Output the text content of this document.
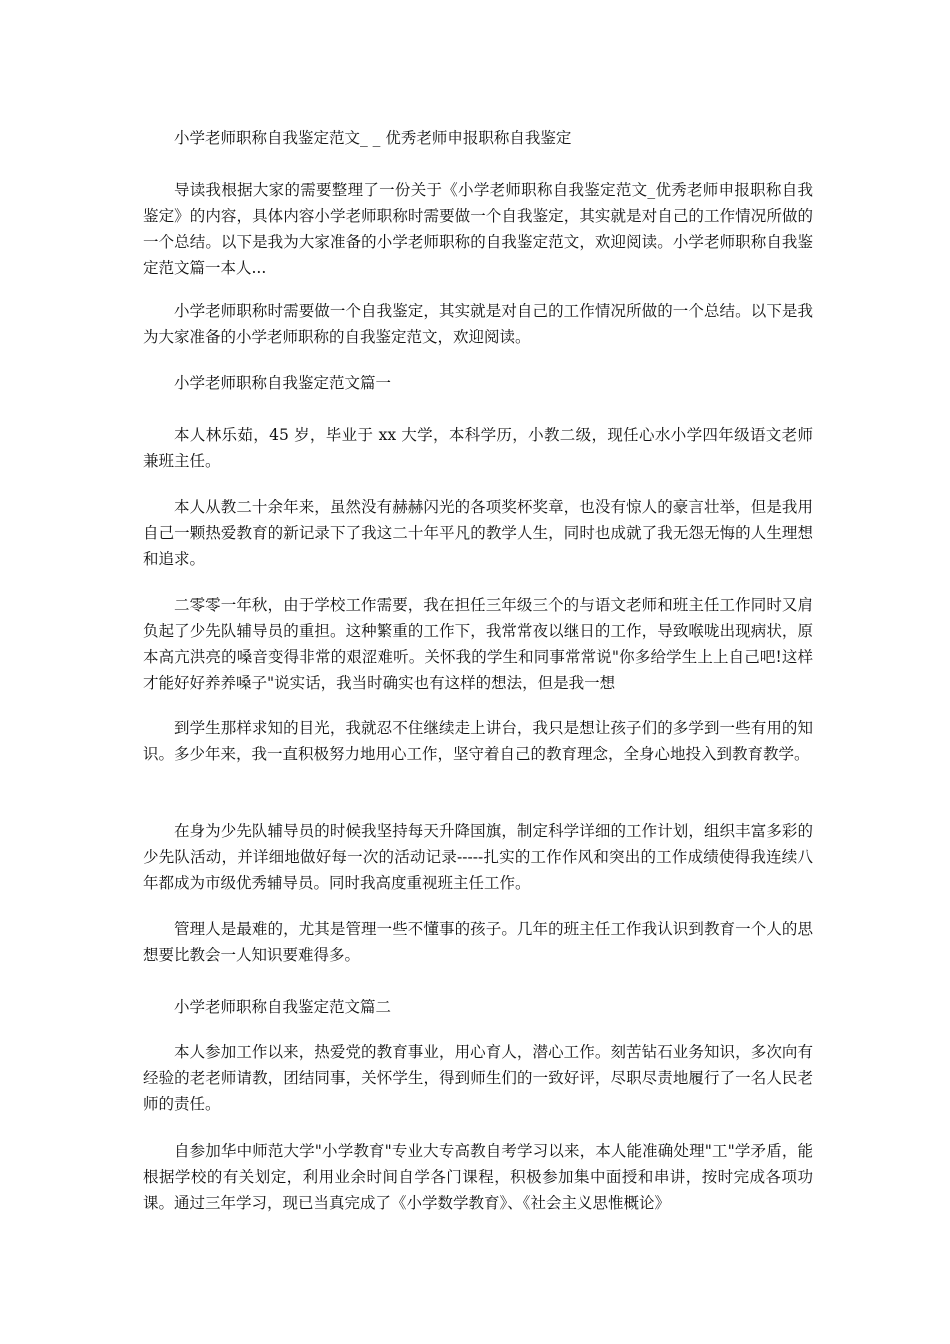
小学老师职称自我鉴定范文_ _ 优秀老师申报职称自我鉴定

导读我根据大家的需要整理了一份关于《小学老师职称自我鉴定范文_优秀老师申报职称自我鉴定》的内容，具体内容小学老师职称时需要做一个自我鉴定，其实就是对自己的工作情况所做的一个总结。以下是我为大家准备的小学老师职称的自我鉴定范文，欢迎阅读。小学老师职称自我鉴定范文篇一本人...

小学老师职称时需要做一个自我鉴定，其实就是对自己的工作情况所做的一个总结。以下是我为大家准备的小学老师职称的自我鉴定范文，欢迎阅读。

小学老师职称自我鉴定范文篇一

本人林乐茹，45 岁，毕业于 xx 大学，本科学历，小教二级，现任心水小学四年级语文老师兼班主任。

本人从教二十余年来，虽然没有赫赫闪光的各项奖杯奖章，也没有惊人的豪言壮举，但是我用自己一颗热爱教育的新记录下了我这二十年平凡的教学人生，同时也成就了我无怨无悔的人生理想和追求。

二零零一年秋，由于学校工作需要，我在担任三年级三个的与语文老师和班主任工作同时又肩负起了少先队辅导员的重担。这种繁重的工作下，我常常夜以继日的工作，导致喉咙出现病状，原本高亢洪亮的嗓音变得非常的艰涩难听。关怀我的学生和同事常常说"你多给学生上上自己吧!这样才能好好养养嗓子"说实话，我当时确实也有这样的想法，但是我一想

到学生那样求知的目光，我就忍不住继续走上讲台，我只是想让孩子们的多学到一些有用的知识。多少年来，我一直积极努力地用心工作，坚守着自己的教育理念，全身心地投入到教育教学。

在身为少先队辅导员的时候我坚持每天升降国旗，制定科学详细的工作计划，组织丰富多彩的少先队活动，并详细地做好每一次的活动记录-----扎实的工作作风和突出的工作成绩使得我连续八年都成为市级优秀辅导员。同时我高度重视班主任工作。

管理人是最难的，尤其是管理一些不懂事的孩子。几年的班主任工作我认识到教育一个人的思想要比教会一人知识要难得多。

小学老师职称自我鉴定范文篇二

本人参加工作以来，热爱党的教育事业，用心育人，潜心工作。刻苦钻石业务知识，多次向有经验的老老师请教，团结同事，关怀学生，得到师生们的一致好评，尽职尽责地履行了一名人民老师的责任。

自参加华中师范大学"小学教育"专业大专高教自考学习以来，本人能准确处理"工"学矛盾，能根据学校的有关划定，利用业余时间自学各门课程，积极参加集中面授和串讲，按时完成各项功课。通过三年学习，现已当真完成了《小学数学教育》、《社会主义思惟概论》
